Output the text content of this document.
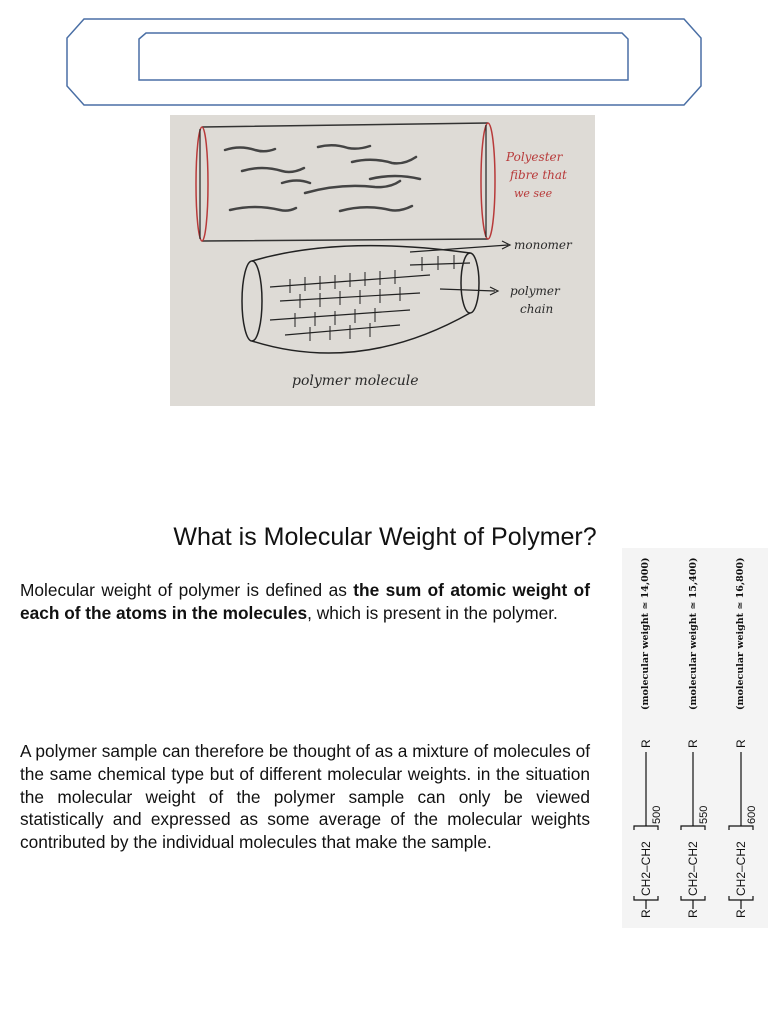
Polyester
fibre that
we see
monomer
polymer
chain
polymer molecule
What is Molecular Weight of Polymer?

Molecular weight of polymer is defined as the sum of atomic weight of each of the atoms in the molecules, which is present in the polymer.

A polymer sample can therefore be thought of as a mixture of molecules of the same chemical type but of different molecular weights. in the situation the molecular weight of the polymer sample can only be viewed statistically and expressed as some average of the molecular weights contributed by the individual molecules that make the sample.

(molecular weight ≃ 14,000)
R
CH2–CH2
500
R
(molecular weight ≃ 15,400)
R
CH2–CH2
550
R
(molecular weight ≃ 16,800)
R
CH2–CH2
600
R
